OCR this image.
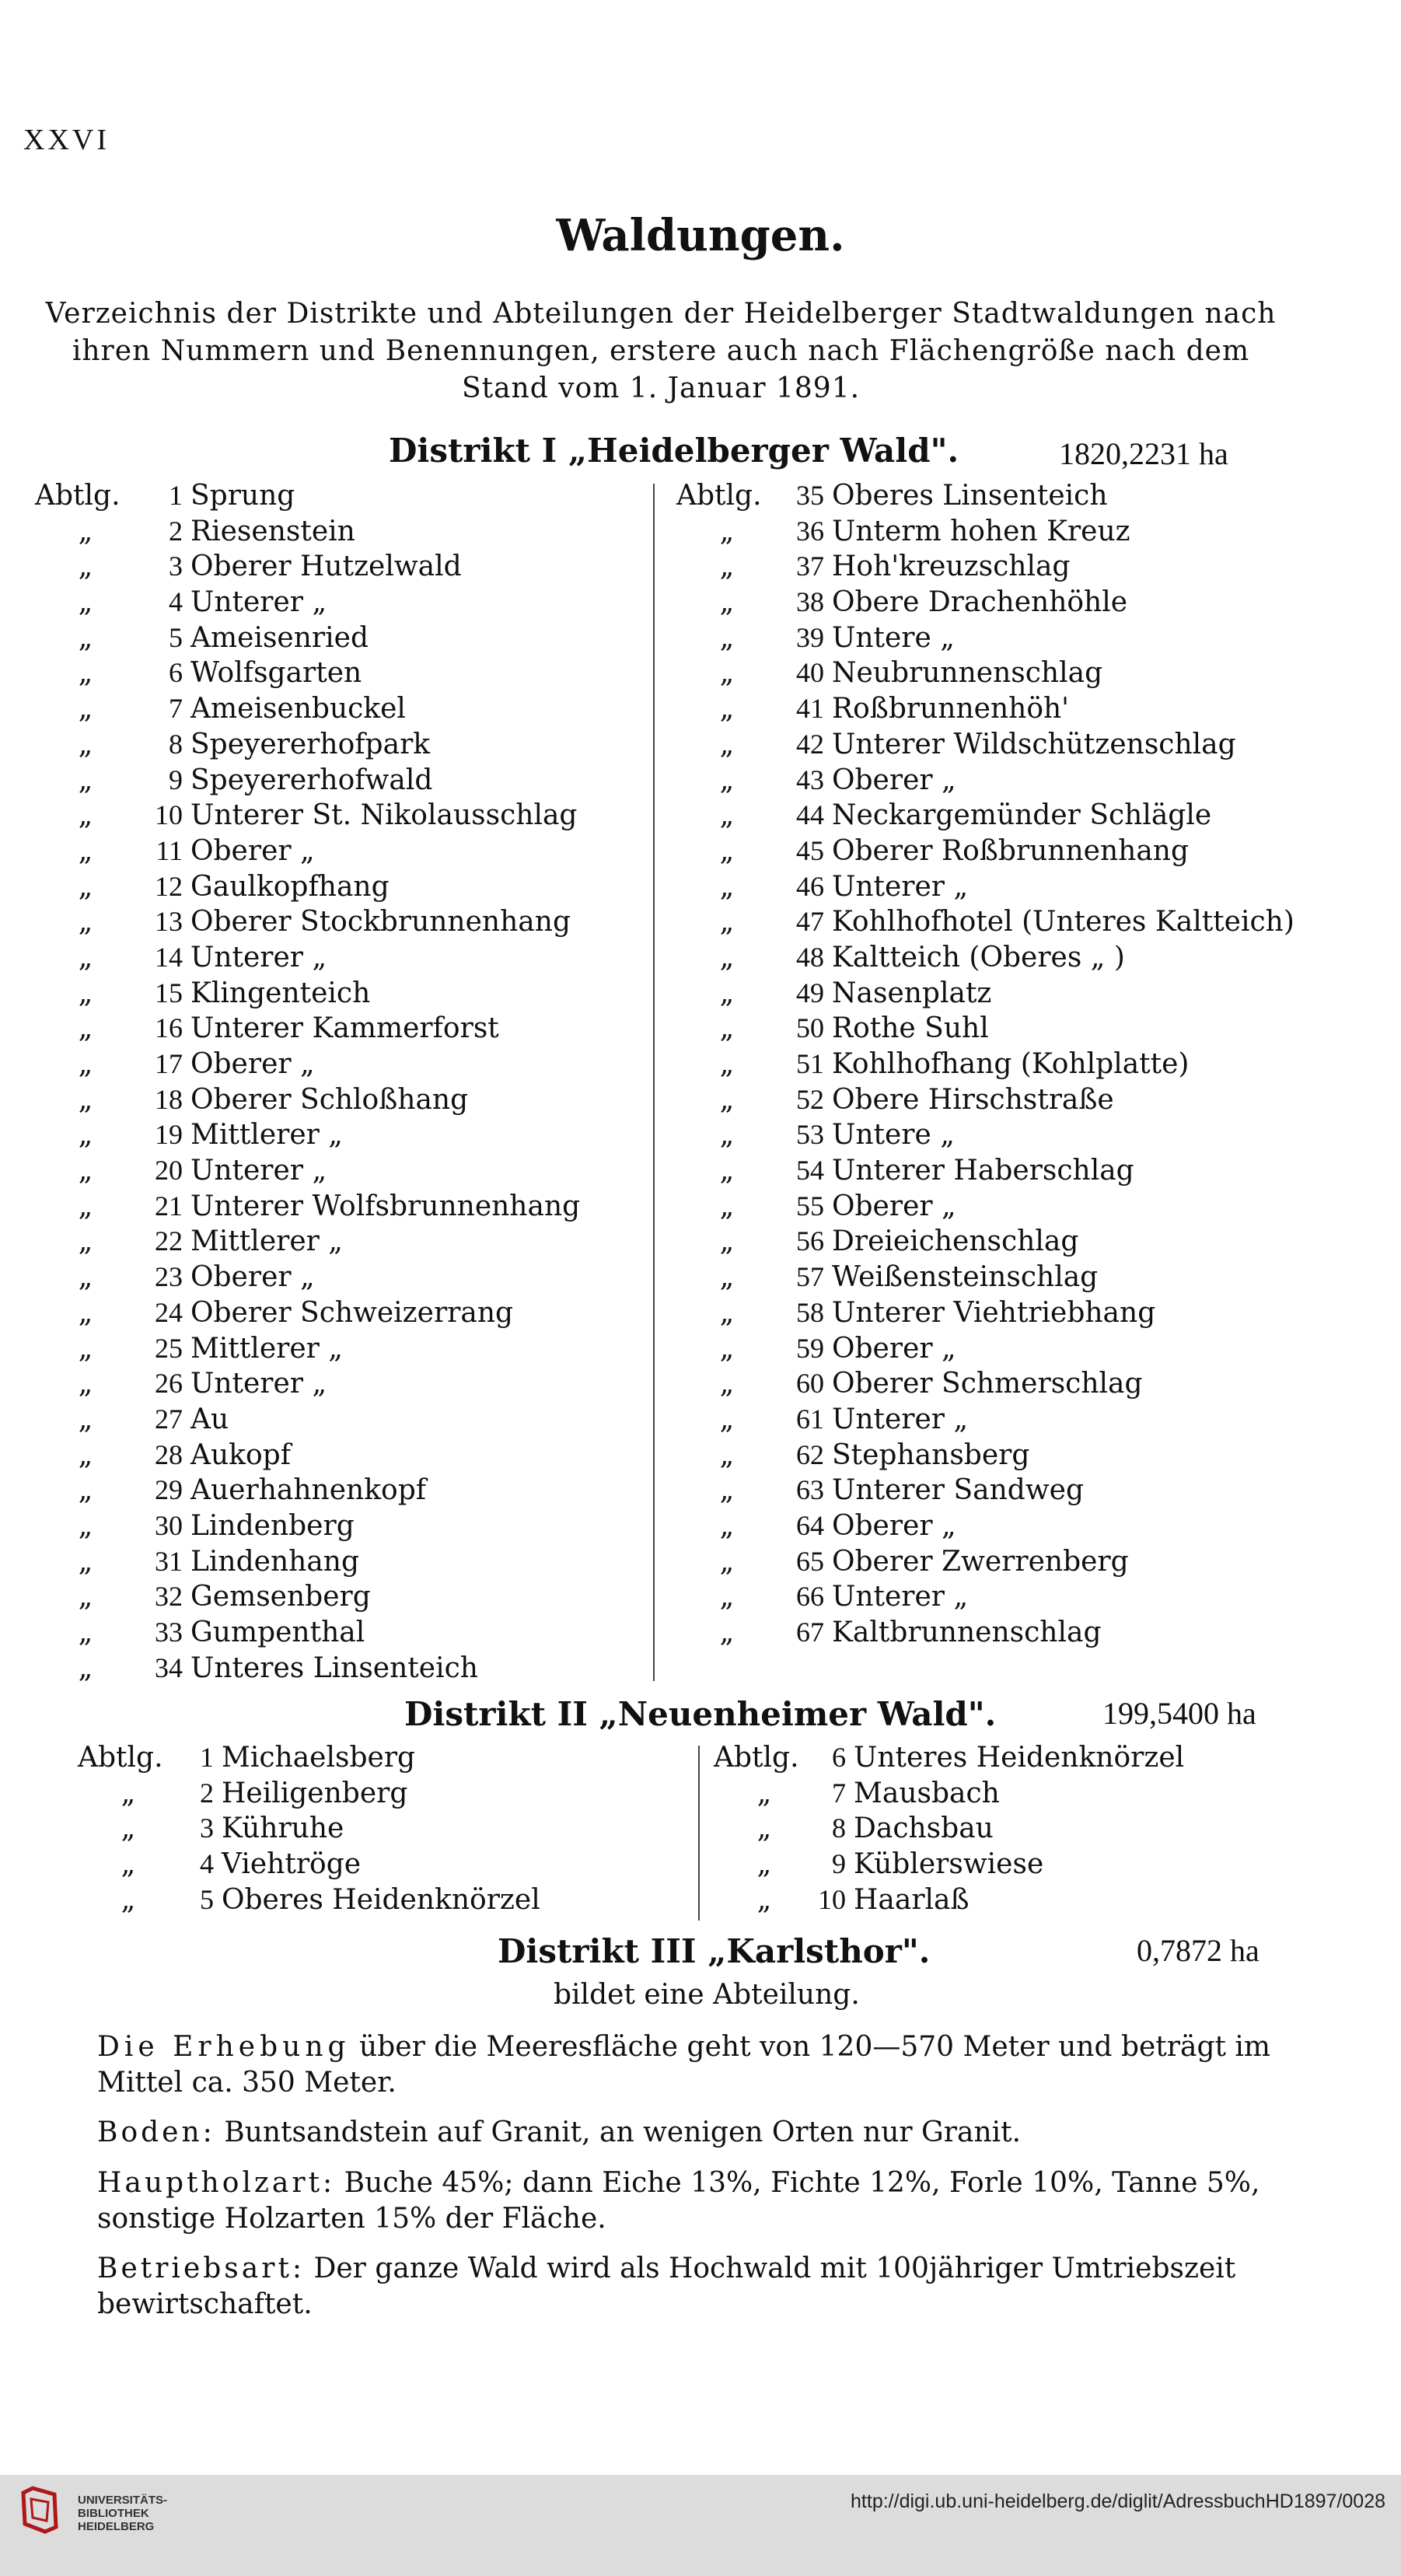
XXVI
Waldungen.
Verzeichnis der Distrikte und Abteilungen der Heidelberger Stadtwaldungen nach ihren Nummern und Benennungen, erstere auch nach Flächengröße nach dem Stand vom 1. Januar 1891.
Distrikt I „Heidelberger Wald".	1820,2231 ha
Abtlg.	1 Sprung
„	2 Riesenstein
„	3 Oberer Hutzelwald
„	4 Unterer „
„	5 Ameisenried
„	6 Wolfsgarten
„	7 Ameisenbuckel
„	8 Speyererhofpark
„	9 Speyererhofwald
„	10 Unterer St. Nikolausschlag
„	11 Oberer „
„	12 Gaulkopfhang
„	13 Oberer Stockbrunnenhang
„	14 Unterer „
„	15 Klingenteich
„	16 Unterer Kammerforst
„	17 Oberer „
„	18 Oberer Schloßhang
„	19 Mittlerer „
„	20 Unterer „
„	21 Unterer Wolfsbrunnenhang
„	22 Mittlerer „
„	23 Oberer „
„	24 Oberer Schweizerrang
„	25 Mittlerer „
„	26 Unterer „
„	27 Au
„	28 Aukopf
„	29 Auerhahnenkopf
„	30 Lindenberg
„	31 Lindenhang
„	32 Gemsenberg
„	33 Gumpenthal
„	34 Unteres Linsenteich
Abtlg.	35 Oberes Linsenteich
„	36 Unterm hohen Kreuz
„	37 Hoh'kreuzschlag
„	38 Obere Drachenhöhle
„	39 Untere „
„	40 Neubrunnenschlag
„	41 Roßbrunnenhöh'
„	42 Unterer Wildschützenschlag
„	43 Oberer „
„	44 Neckargemünder Schlägle
„	45 Oberer Roßbrunnenhang
„	46 Unterer „
„	47 Kohlhofhotel (Unteres Kaltteich)
„	48 Kaltteich (Oberes „ )
„	49 Nasenplatz
„	50 Rothe Suhl
„	51 Kohlhofhang (Kohlplatte)
„	52 Obere Hirschstraße
„	53 Untere „
„	54 Unterer Haberschlag
„	55 Oberer „
„	56 Dreieichenschlag
„	57 Weißensteinschlag
„	58 Unterer Viehtriebhang
„	59 Oberer „
„	60 Oberer Schmerschlag
„	61 Unterer „
„	62 Stephansberg
„	63 Unterer Sandweg
„	64 Oberer „
„	65 Oberer Zwerrenberg
„	66 Unterer „
„	67 Kaltbrunnenschlag
Distrikt II „Neuenheimer Wald".	199,5400 ha
Abtlg.	1 Michaelsberg
„	2 Heiligenberg
„	3 Kühruhe
„	4 Viehtröge
„	5 Oberes Heidenknörzel
Abtlg.	6 Unteres Heidenknörzel
„	7 Mausbach
„	8 Dachsbau
„	9 Küblerswiese
„	10 Haarlaß
Distrikt III „Karlsthor".	0,7872 ha
bildet eine Abteilung.
Die Erhebung über die Meeresfläche geht von 120—570 Meter und beträgt im Mittel ca. 350 Meter.
Boden: Buntsandstein auf Granit, an wenigen Orten nur Granit.
Hauptholzart: Buche 45%; dann Eiche 13%, Fichte 12%, Forle 10%, Tanne 5%, sonstige Holzarten 15% der Fläche.
Betriebsart: Der ganze Wald wird als Hochwald mit 100jähriger Umtriebszeit bewirtschaftet.
UNIVERSITÄTS-
BIBLIOTHEK
HEIDELBERG
http://digi.ub.uni-heidelberg.de/diglit/AdressbuchHD1897/0028
